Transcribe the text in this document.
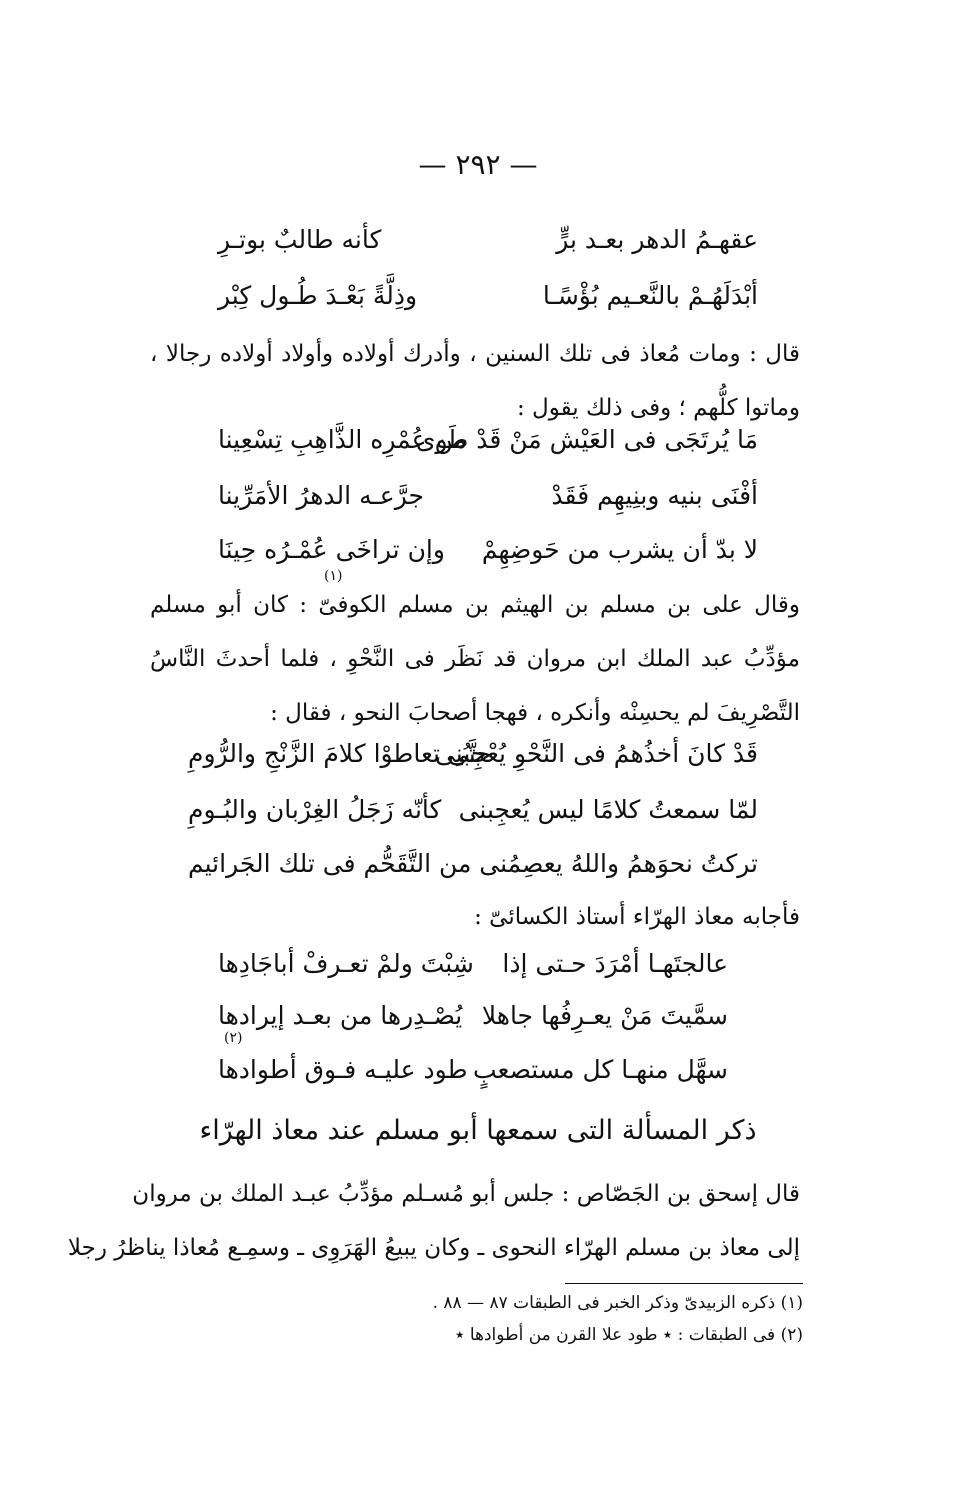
— ٢٩٢ —
عقهـمُ الدهر بعـد برٍّ
كأنه طالبٌ بوتـرِ
أبْدَلَهُـمْ بالنَّعـيم بُؤْسًـا
وذِلَّةً بَعْـدَ طُـول كِبْر
قال : ومات مُعاذ فى تلك السنين ، وأدرك أولاده وأولاد أولاده رجالا ، وماتوا كلُّهم ؛ وفى ذلك يقول :
مَا يُرتَجَى فى العَيْش مَنْ قَدْ طَوى
من عُمْرِه الذَّاهِبِ تِسْعِينا
أفْنَى بنيه وبنِيهِم فَقَدْ
جرَّعـه الدهرُ الأمَرِّينا
لا بدّ أن يشرب من حَوضِهِمْ
وإن تراخَى عُمْـرُه حِينَا
(١)
وقال على بن مسلم بن الهيثم بن مسلم الكوفىّ : كان أبو مسلم مؤدِّبُ عبد الملك ابن مروان قد نَظَر فى النَّحْوِ ، فلما أحدثَ النَّاسُ التَّصْرِيفَ لم يحسِنْه وأنكره ، فهجا أصحابَ النحو ، فقال :
قَدْ كانَ أخذُهمُ فى النَّحْوِ يُعْجِبُنِى
حتَّى تعاطوْا كلامَ الزَّنْجِ والرُّومِ
لمّا سمعتُ كلامًا ليس يُعجِبنى
كأنّه زَجَلُ الغِرْبان والبُـومِ
تركتُ نحوَهمُ واللهُ يعصِمُنى
من التَّقَحُّم فى تلك الجَرائيم
فأجابه معاذ الهرّاء أستاذ الكسائىّ :
عالجتَهـا أمْرَدَ حـتى إذا
شِبْتَ ولمْ تعـرفْ أباجَادِها
سمَّيتَ مَنْ يعـرِفُها جاهلا
يُصْـدِرها من بعـد إيرادها
(٢)
سهَّل منهـا كل مستصعبٍ
طود عليـه فـوق أطوادها
ذكر المسألة التى سمعها أبو مسلم عند معاذ الهرّاء
قال إسحق بن الجَصّاص : جلس أبو مُسـلم مؤدِّبُ عبـد الملك بن مروان
إلى معاذ بن مسلم الهرّاء النحوى ـ وكان يبيعُ الهَرَوِى ـ وسمِـع مُعاذا يناظرُ رجلا
(١) ذكره الزبيدىّ وذكر الخبر فى الطبقات ٨٧ — ٨٨ .
(٢) فى الطبقات : ٭ طود علا القرن من أطوادها ٭
